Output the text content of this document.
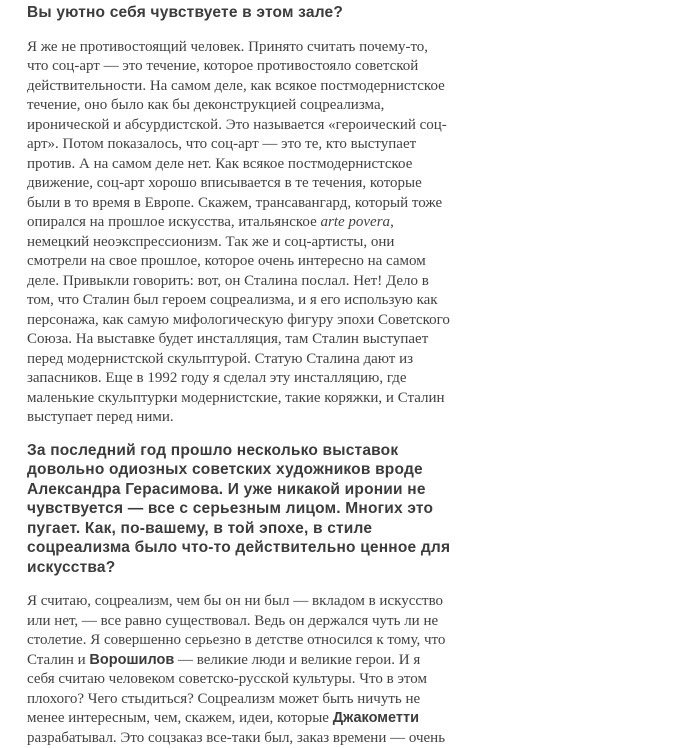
Вы уютно себя чувствуете в этом зале?

Я же не противостоящий человек. Принято считать почему-то, что соц-арт — это течение, которое противостояло советской действительности. На самом деле, как всякое постмодернистское течение, оно было как бы деконструкцией соцреализма, иронической и абсурдистской. Это называется «героический соц-арт». Потом показалось, что соц-арт — это те, кто выступает против. А на самом деле нет. Как всякое постмодернистское движение, соц-арт хорошо вписывается в те течения, которые были в то время в Европе. Скажем, трансавангард, который тоже опирался на прошлое искусства, итальянское arte povera, немецкий неоэкспрессионизм. Так же и соц-артисты, они смотрели на свое прошлое, которое очень интересно на самом деле. Привыкли говорить: вот, он Сталина послал. Нет! Дело в том, что Сталин был героем соцреализма, и я его использую как персонажа, как самую мифологическую фигуру эпохи Советского Союза. На выставке будет инсталляция, там Сталин выступает перед модернистской скульптурой. Статую Сталина дают из запасников. Еще в 1992 году я сделал эту инсталляцию, где маленькие скульптурки модернистские, такие коряжки, и Сталин выступает перед ними.

За последний год прошло несколько выставок довольно одиозных советских художников вроде Александра Герасимова. И уже никакой иронии не чувствуется — все с серьезным лицом. Многих это пугает. Как, по-вашему, в той эпохе, в стиле соцреализма было что-то действительно ценное для искусства?

Я считаю, соцреализм, чем бы он ни был — вкладом в искусство или нет, — все равно существовал. Ведь он держался чуть ли не столетие. Я совершенно серьезно в детстве относился к тому, что Сталин и Ворошилов — великие люди и великие герои. И я себя считаю человеком советско-русской культуры. Что в этом плохого? Чего стыдиться? Соцреализм может быть ничуть не менее интересным, чем, скажем, идеи, которые Джакометти разрабатывал. Это соцзаказ все-таки был, заказ времени — очень
